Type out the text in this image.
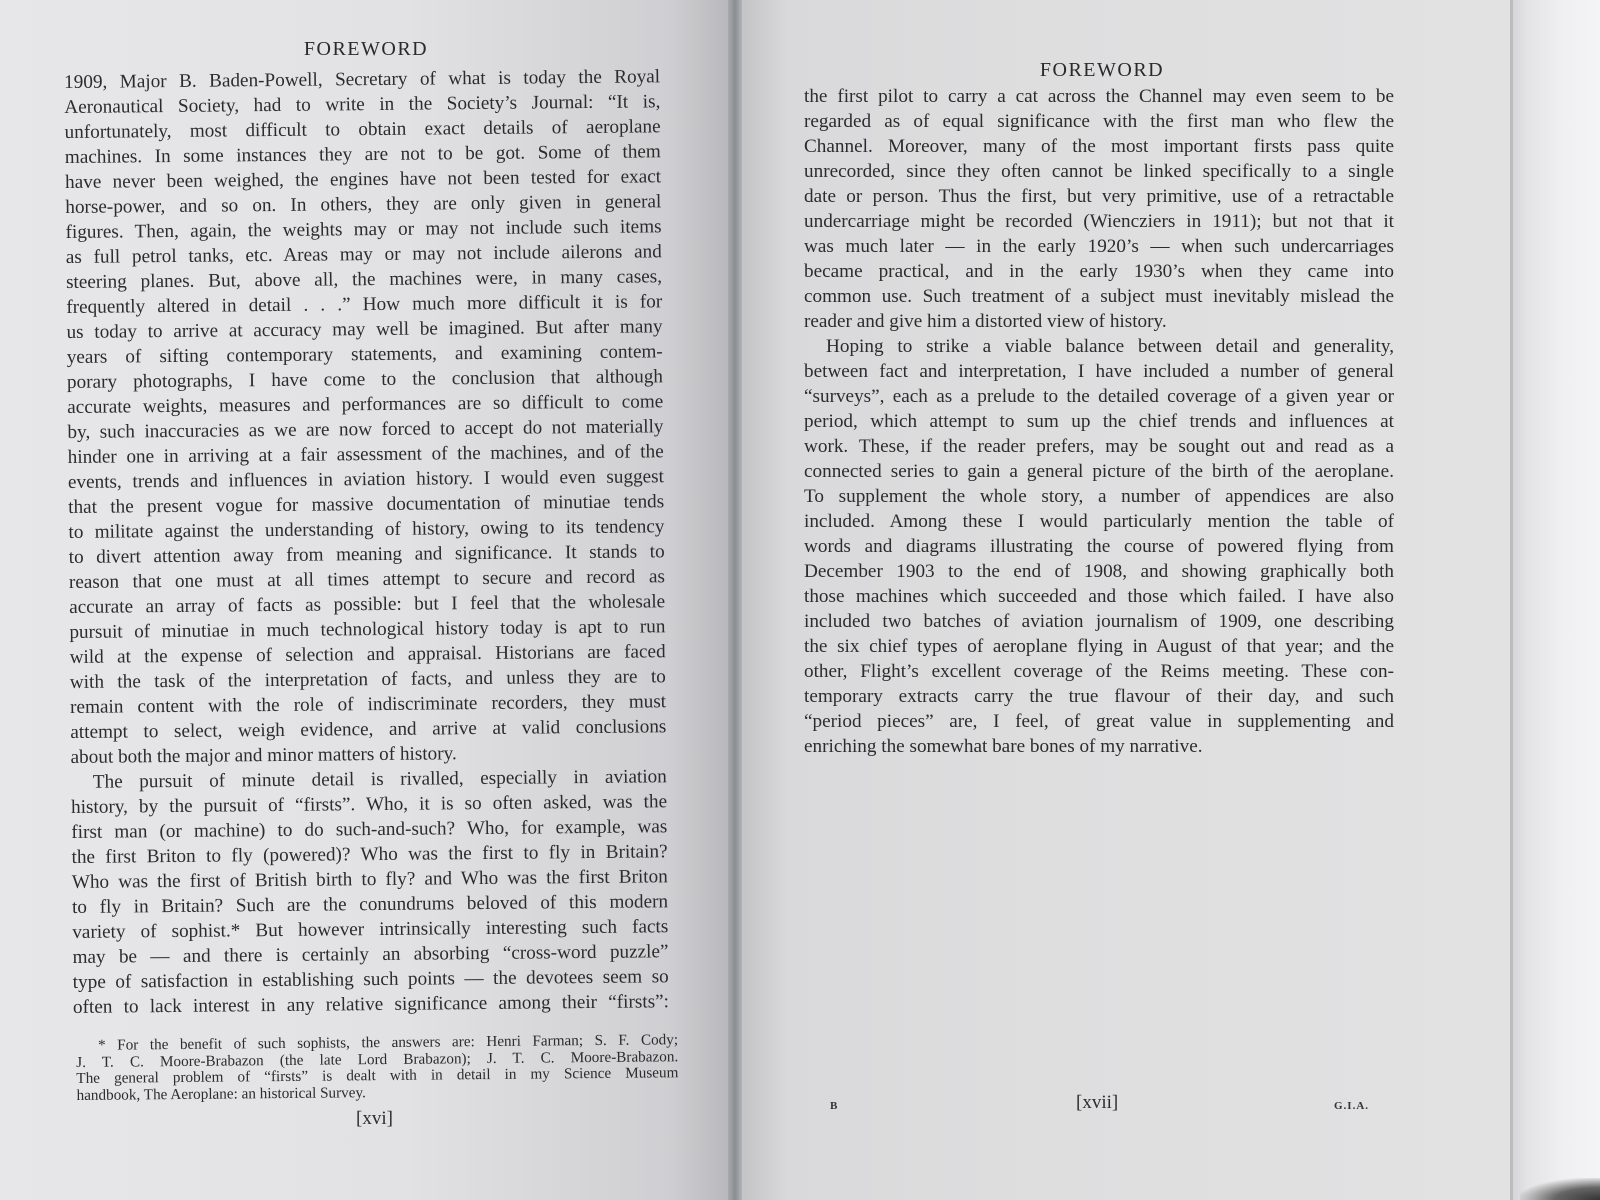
FOREWORD
1909, Major B. Baden-Powell, Secretary of what is today the Royal
Aeronautical Society, had to write in the Society’s Journal: “It is,
unfortunately, most difficult to obtain exact details of aeroplane
machines. In some instances they are not to be got. Some of them
have never been weighed, the engines have not been tested for exact
horse-power, and so on. In others, they are only given in general
figures. Then, again, the weights may or may not include such items
as full petrol tanks, etc. Areas may or may not include ailerons and
steering planes. But, above all, the machines were, in many cases,
frequently altered in detail . . .” How much more difficult it is for
us today to arrive at accuracy may well be imagined. But after many
years of sifting contemporary statements, and examining contem-
porary photographs, I have come to the conclusion that although
accurate weights, measures and performances are so difficult to come
by, such inaccuracies as we are now forced to accept do not materially
hinder one in arriving at a fair assessment of the machines, and of the
events, trends and influences in aviation history. I would even suggest
that the present vogue for massive documentation of minutiae tends
to militate against the understanding of history, owing to its tendency
to divert attention away from meaning and significance. It stands to
reason that one must at all times attempt to secure and record as
accurate an array of facts as possible: but I feel that the wholesale
pursuit of minutiae in much technological history today is apt to run
wild at the expense of selection and appraisal. Historians are faced
with the task of the interpretation of facts, and unless they are to
remain content with the role of indiscriminate recorders, they must
attempt to select, weigh evidence, and arrive at valid conclusions
about both the major and minor matters of history.
The pursuit of minute detail is rivalled, especially in aviation
history, by the pursuit of “firsts”. Who, it is so often asked, was the
first man (or machine) to do such-and-such? Who, for example, was
the first Briton to fly (powered)? Who was the first to fly in Britain?
Who was the first of British birth to fly? and Who was the first Briton
to fly in Britain? Such are the conundrums beloved of this modern
variety of sophist.* But however intrinsically interesting such facts
may be — and there is certainly an absorbing “cross-word puzzle”
type of satisfaction in establishing such points — the devotees seem so
often to lack interest in any relative significance among their “firsts”:
* For the benefit of such sophists, the answers are: Henri Farman; S. F. Cody;
J. T. C. Moore-Brabazon (the late Lord Brabazon); J. T. C. Moore-Brabazon.
The general problem of “firsts” is dealt with in detail in my Science Museum
handbook, The Aeroplane: an historical Survey.
[xvi]
FOREWORD
the first pilot to carry a cat across the Channel may even seem to be
regarded as of equal significance with the first man who flew the
Channel. Moreover, many of the most important firsts pass quite
unrecorded, since they often cannot be linked specifically to a single
date or person. Thus the first, but very primitive, use of a retractable
undercarriage might be recorded (Wiencziers in 1911); but not that it
was much later — in the early 1920’s — when such undercarriages
became practical, and in the early 1930’s when they came into
common use. Such treatment of a subject must inevitably mislead the
reader and give him a distorted view of history.
Hoping to strike a viable balance between detail and generality,
between fact and interpretation, I have included a number of general
“surveys”, each as a prelude to the detailed coverage of a given year or
period, which attempt to sum up the chief trends and influences at
work. These, if the reader prefers, may be sought out and read as a
connected series to gain a general picture of the birth of the aeroplane.
To supplement the whole story, a number of appendices are also
included. Among these I would particularly mention the table of
words and diagrams illustrating the course of powered flying from
December 1903 to the end of 1908, and showing graphically both
those machines which succeeded and those which failed. I have also
included two batches of aviation journalism of 1909, one describing
the six chief types of aeroplane flying in August of that year; and the
other, Flight’s excellent coverage of the Reims meeting. These con-
temporary extracts carry the true flavour of their day, and such
“period pieces” are, I feel, of great value in supplementing and
enriching the somewhat bare bones of my narrative.
B	[xvii]	G.I.A.
